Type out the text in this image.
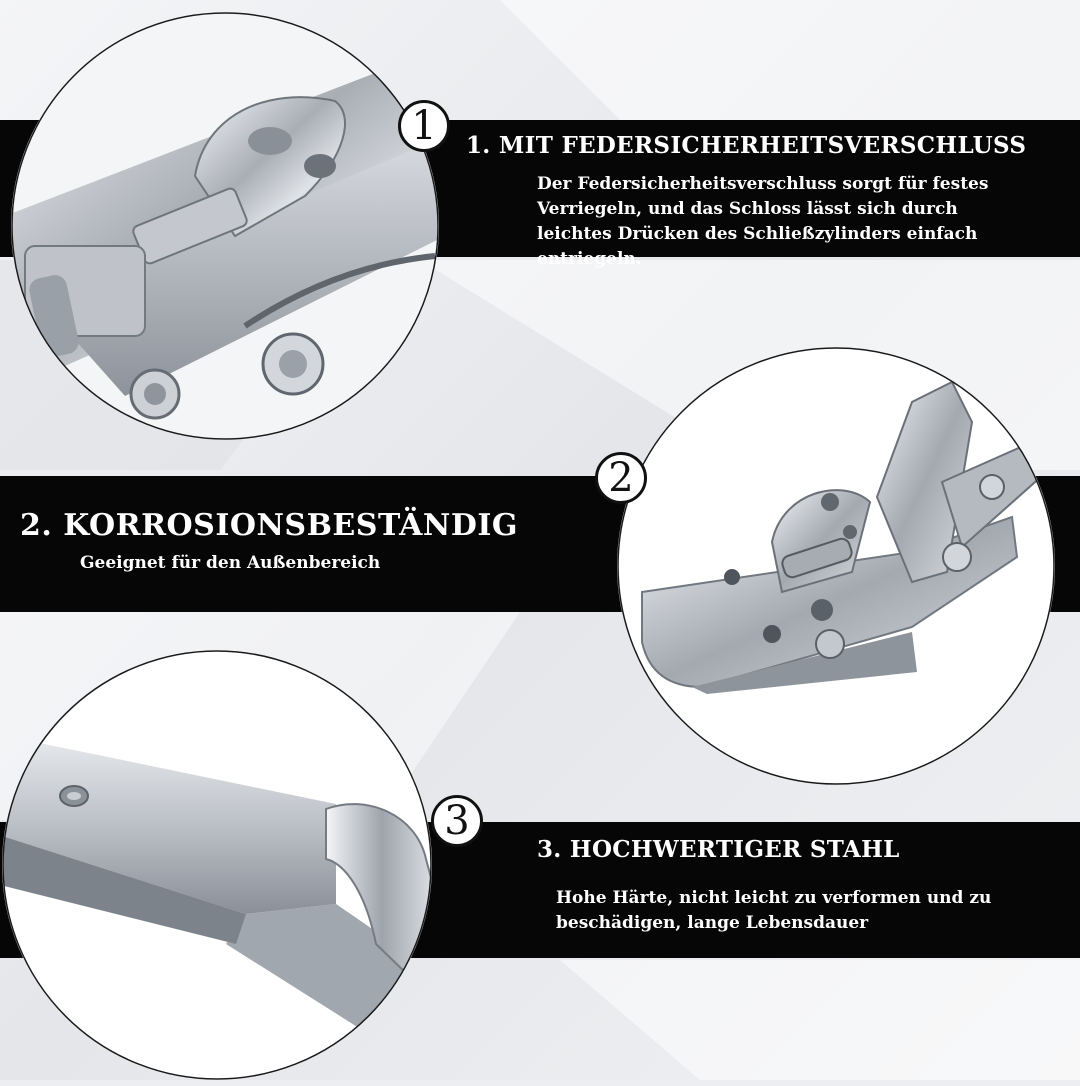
1. MIT FEDERSICHERHEITSVERSCHLUSS
Der Federsicherheitsverschluss sorgt für festes Verriegeln, und das Schloss lässt sich durch leichtes Drücken des Schließzylinders einfach entriegeln.
2. KORROSIONSBESTÄNDIG
Geeignet für den Außenbereich
3. HOCHWERTIGER STAHL
Hohe Härte, nicht leicht zu verformen und zu beschädigen, lange Lebensdauer
1
2
3
